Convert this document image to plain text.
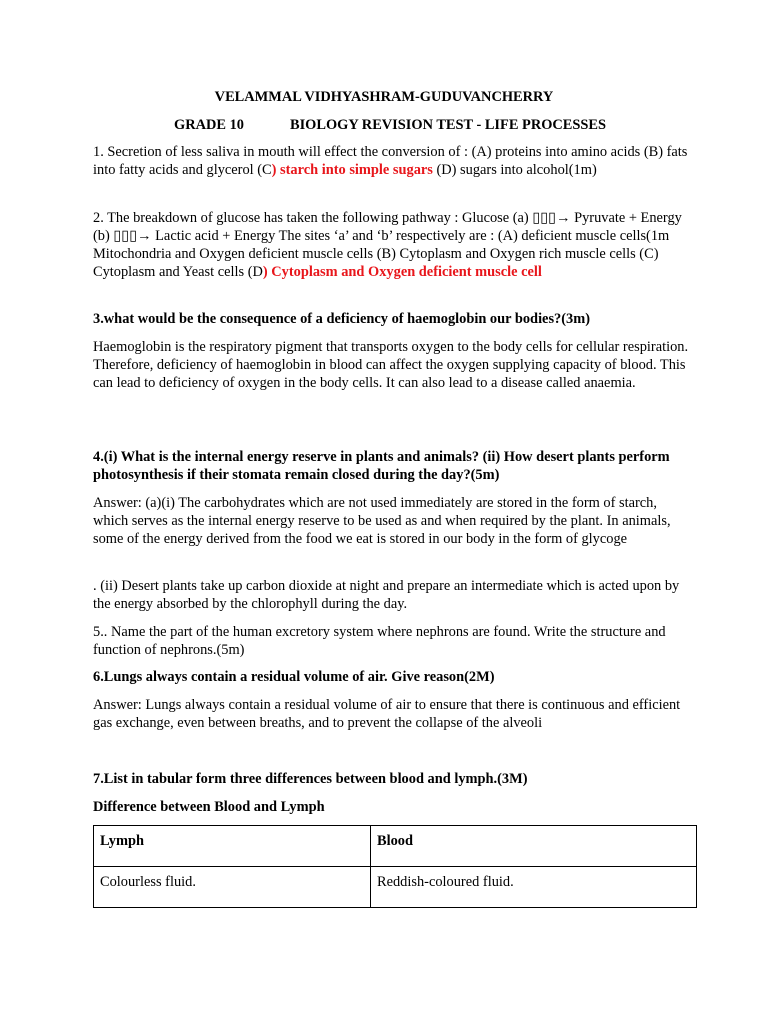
VELAMMAL VIDHYASHRAM-GUDUVANCHERRY
GRADE 10	BIOLOGY REVISION TEST - LIFE PROCESSES
1. Secretion of less saliva in mouth will effect the conversion of : (A) proteins into amino acids (B) fats into fatty acids and glycerol (C) starch into simple sugars (D) sugars into alcohol(1m)
2. The breakdown of glucose has taken the following pathway : Glucose (a) ▯▯▯→ Pyruvate + Energy (b) ▯▯▯→ Lactic acid + Energy The sites ‘a’ and ‘b’ respectively are : (A) deficient muscle cells(1m Mitochondria and Oxygen deficient muscle cells (B) Cytoplasm and Oxygen rich muscle cells (C) Cytoplasm and Yeast cells (D) Cytoplasm and Oxygen deficient muscle cell
3.what would be the consequence of a deficiency of haemoglobin our bodies?(3m)
Haemoglobin is the respiratory pigment that transports oxygen to the body cells for cellular respiration. Therefore, deficiency of haemoglobin in blood can affect the oxygen supplying capacity of blood. This can lead to deficiency of oxygen in the body cells. It can also lead to a disease called anaemia.
4.(i) What is the internal energy reserve in plants and animals? (ii) How desert plants perform photosynthesis if their stomata remain closed during the day?(5m)
Answer: (a)(i) The carbohydrates which are not used immediately are stored in the form of starch, which serves as the internal energy reserve to be used as and when required by the plant. In animals, some of the energy derived from the food we eat is stored in our body in the form of glycoge
. (ii) Desert plants take up carbon dioxide at night and prepare an intermediate which is acted upon by the energy absorbed by the chlorophyll during the day.
5.. Name the part of the human excretory system where nephrons are found. Write the structure and function of nephrons.(5m)
6.Lungs always contain a residual volume of air. Give reason(2M)
Answer: Lungs always contain a residual volume of air to ensure that there is continuous and efficient gas exchange, even between breaths, and to prevent the collapse of the alveoli
7.List in tabular form three differences between blood and lymph.(3M)
Difference between Blood and Lymph
Lymph	Blood
Colourless fluid.	Reddish-coloured fluid.
